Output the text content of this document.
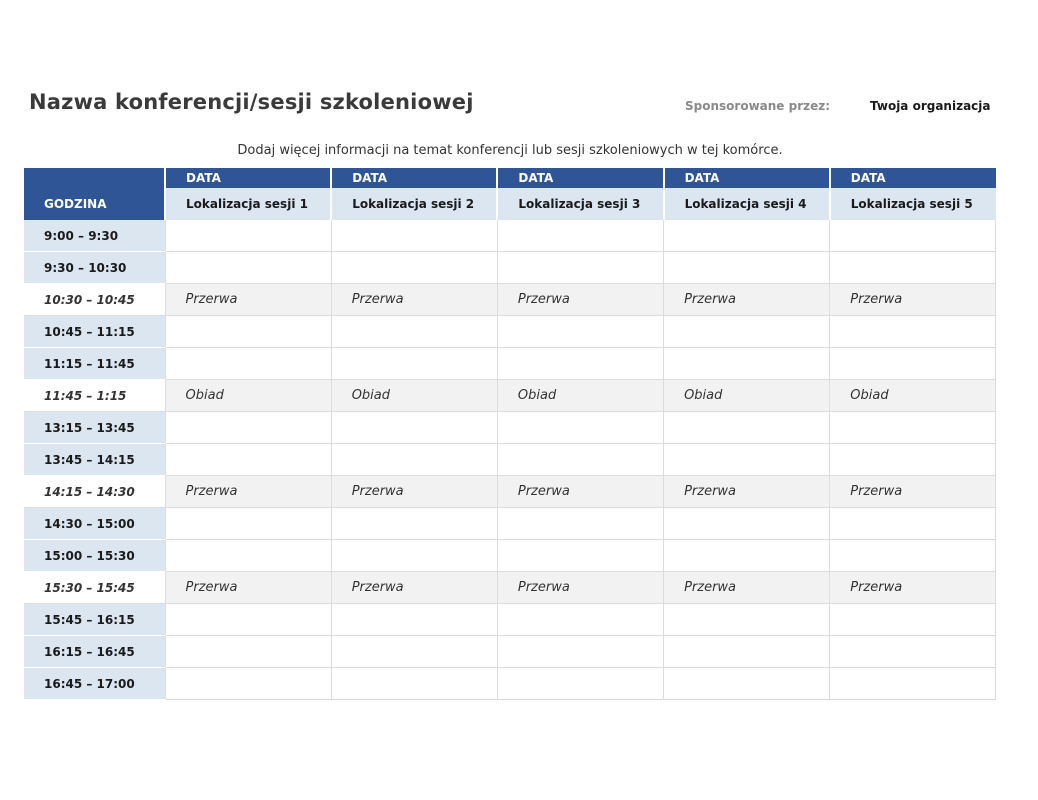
Nazwa konferencji/sesji szkoleniowej	Sponsorowane przez:	Twoja organizacja
Dodaj więcej informacji na temat konferencji lub sesji szkoleniowych w tej komórce.
	DATA	DATA	DATA	DATA	DATA
GODZINA	Lokalizacja sesji 1	Lokalizacja sesji 2	Lokalizacja sesji 3	Lokalizacja sesji 4	Lokalizacja sesji 5
9:00 – 9:30					
9:30 – 10:30					
10:30 – 10:45	Przerwa	Przerwa	Przerwa	Przerwa	Przerwa
10:45 – 11:15					
11:15 – 11:45					
11:45 – 1:15	Obiad	Obiad	Obiad	Obiad	Obiad
13:15 – 13:45					
13:45 – 14:15					
14:15 – 14:30	Przerwa	Przerwa	Przerwa	Przerwa	Przerwa
14:30 – 15:00					
15:00 – 15:30					
15:30 – 15:45	Przerwa	Przerwa	Przerwa	Przerwa	Przerwa
15:45 – 16:15					
16:15 – 16:45					
16:45 – 17:00					
